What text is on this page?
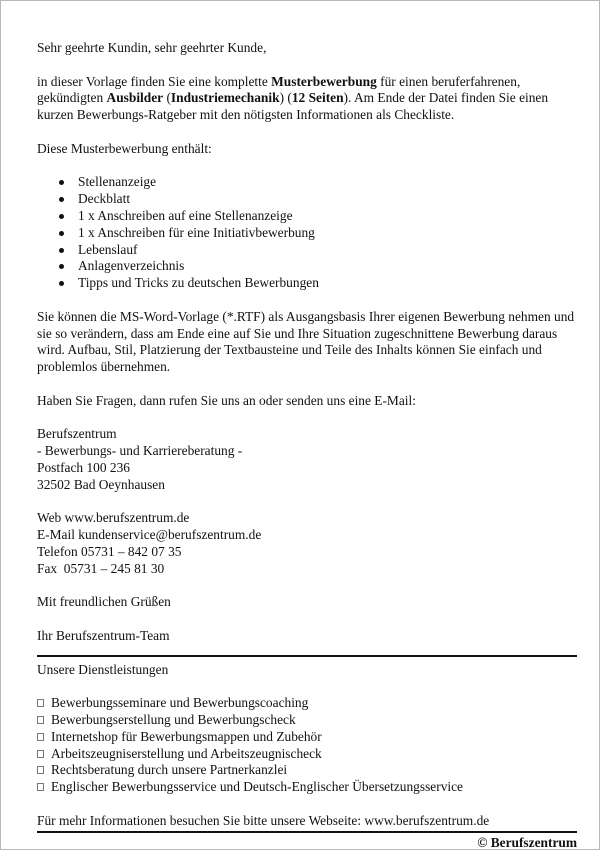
Sehr geehrte Kundin, sehr geehrter Kunde,

in dieser Vorlage finden Sie eine komplette Musterbewerbung für einen beruferfahrenen, gekündigten Ausbilder (Industriemechanik) (12 Seiten). Am Ende der Datei finden Sie einen kurzen Bewerbungs-Ratgeber mit den nötigsten Informationen als Checkliste.

Diese Musterbewerbung enthält:

Stellenanzeige
Deckblatt
1 x Anschreiben auf eine Stellenanzeige
1 x Anschreiben für eine Initiativbewerbung
Lebenslauf
Anlagenverzeichnis
Tipps und Tricks zu deutschen Bewerbungen

Sie können die MS-Word-Vorlage (*.RTF) als Ausgangsbasis Ihrer eigenen Bewerbung nehmen und sie so verändern, dass am Ende eine auf Sie und Ihre Situation zugeschnittene Bewerbung daraus wird. Aufbau, Stil, Platzierung der Textbausteine und Teile des Inhalts können Sie einfach und problemlos übernehmen.

Haben Sie Fragen, dann rufen Sie uns an oder senden uns eine E-Mail:

Berufszentrum

- Bewerbungs- und Karriereberatung -

Postfach 100 236

32502 Bad Oeynhausen

Web www.berufszentrum.de

E-Mail kundenservice@berufszentrum.de

Telefon 05731 – 842 07 35

Fax  05731 – 245 81 30

Mit freundlichen Grüßen

Ihr Berufszentrum-Team

Unsere Dienstleistungen

Bewerbungsseminare und Bewerbungscoaching
Bewerbungserstellung und Bewerbungscheck
Internetshop für Bewerbungsmappen und Zubehör
Arbeitszeugniserstellung und Arbeitszeugnischeck
Rechtsberatung durch unsere Partnerkanzlei
Englischer Bewerbungsservice und Deutsch-Englischer Übersetzungsservice

Für mehr Informationen besuchen Sie bitte unsere Webseite: www.berufszentrum.de

© Berufszentrum
